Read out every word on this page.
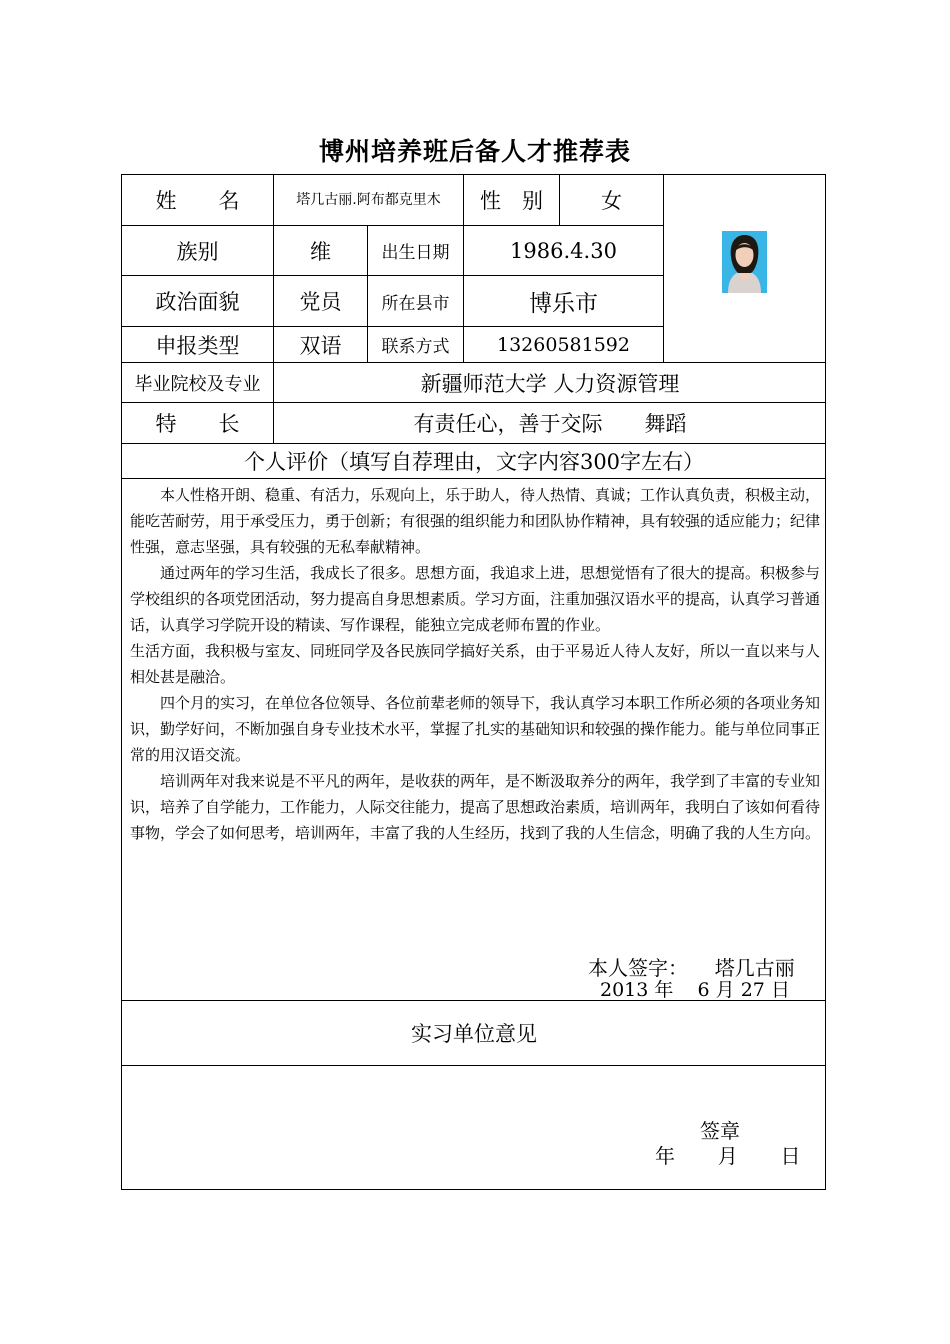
博州培养班后备人才推荐表
姓　　名	塔几古丽.阿布都克里木	性　别	女
族别	维	出生日期	1986.4.30
政治面貌	党员	所在县市	博乐市
申报类型	双语	联系方式	13260581592
毕业院校及专业	新疆师范大学 人力资源管理
特　　长	有责任心，善于交际　　舞蹈
个人评价（填写自荐理由，文字内容300字左右）

本人性格开朗、稳重、有活力，乐观向上，乐于助人，待人热情、真诚；工作认真负责，积极主动，能吃苦耐劳，用于承受压力，勇于创新；有很强的组织能力和团队协作精神，具有较强的适应能力；纪律性强，意志坚强，具有较强的无私奉献精神。

通过两年的学习生活，我成长了很多。思想方面，我追求上进，思想觉悟有了很大的提高。积极参与学校组织的各项党团活动，努力提高自身思想素质。学习方面，注重加强汉语水平的提高，认真学习普通话，认真学习学院开设的精读、写作课程，能独立完成老师布置的作业。

生活方面，我积极与室友、同班同学及各民族同学搞好关系，由于平易近人待人友好，所以一直以来与人相处甚是融洽。

四个月的实习，在单位各位领导、各位前辈老师的领导下，我认真学习本职工作所必须的各项业务知识，勤学好问，不断加强自身专业技术水平，掌握了扎实的基础知识和较强的操作能力。能与单位同事正常的用汉语交流。

培训两年对我来说是不平凡的两年，是收获的两年，是不断汲取养分的两年，我学到了丰富的专业知识，培养了自学能力，工作能力，人际交往能力，提高了思想政治素质，培训两年，我明白了该如何看待事物，学会了如何思考，培训两年，丰富了我的人生经历，找到了我的人生信念，明确了我的人生方向。

本人签字： 塔几古丽
2013 年 6 月 27 日
实习单位意见
签章
年 月 日
